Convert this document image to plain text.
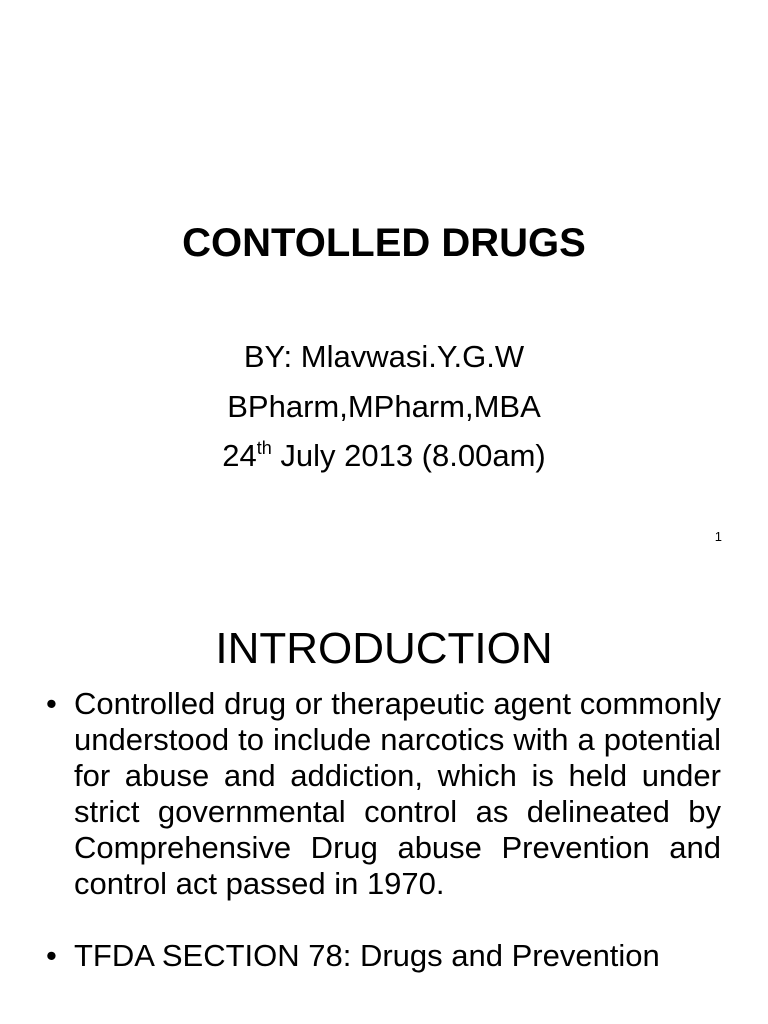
CONTOLLED DRUGS
BY: Mlavwasi.Y.G.W
BPharm,MPharm,MBA
24th July 2013 (8.00am)
1
INTRODUCTION
• Controlled drug or therapeutic agent commonly understood to include narcotics with a potential for abuse and addiction, which is held under strict governmental control as delineated by Comprehensive Drug abuse Prevention and control act passed in 1970.
• TFDA SECTION 78: Drugs and Prevention
